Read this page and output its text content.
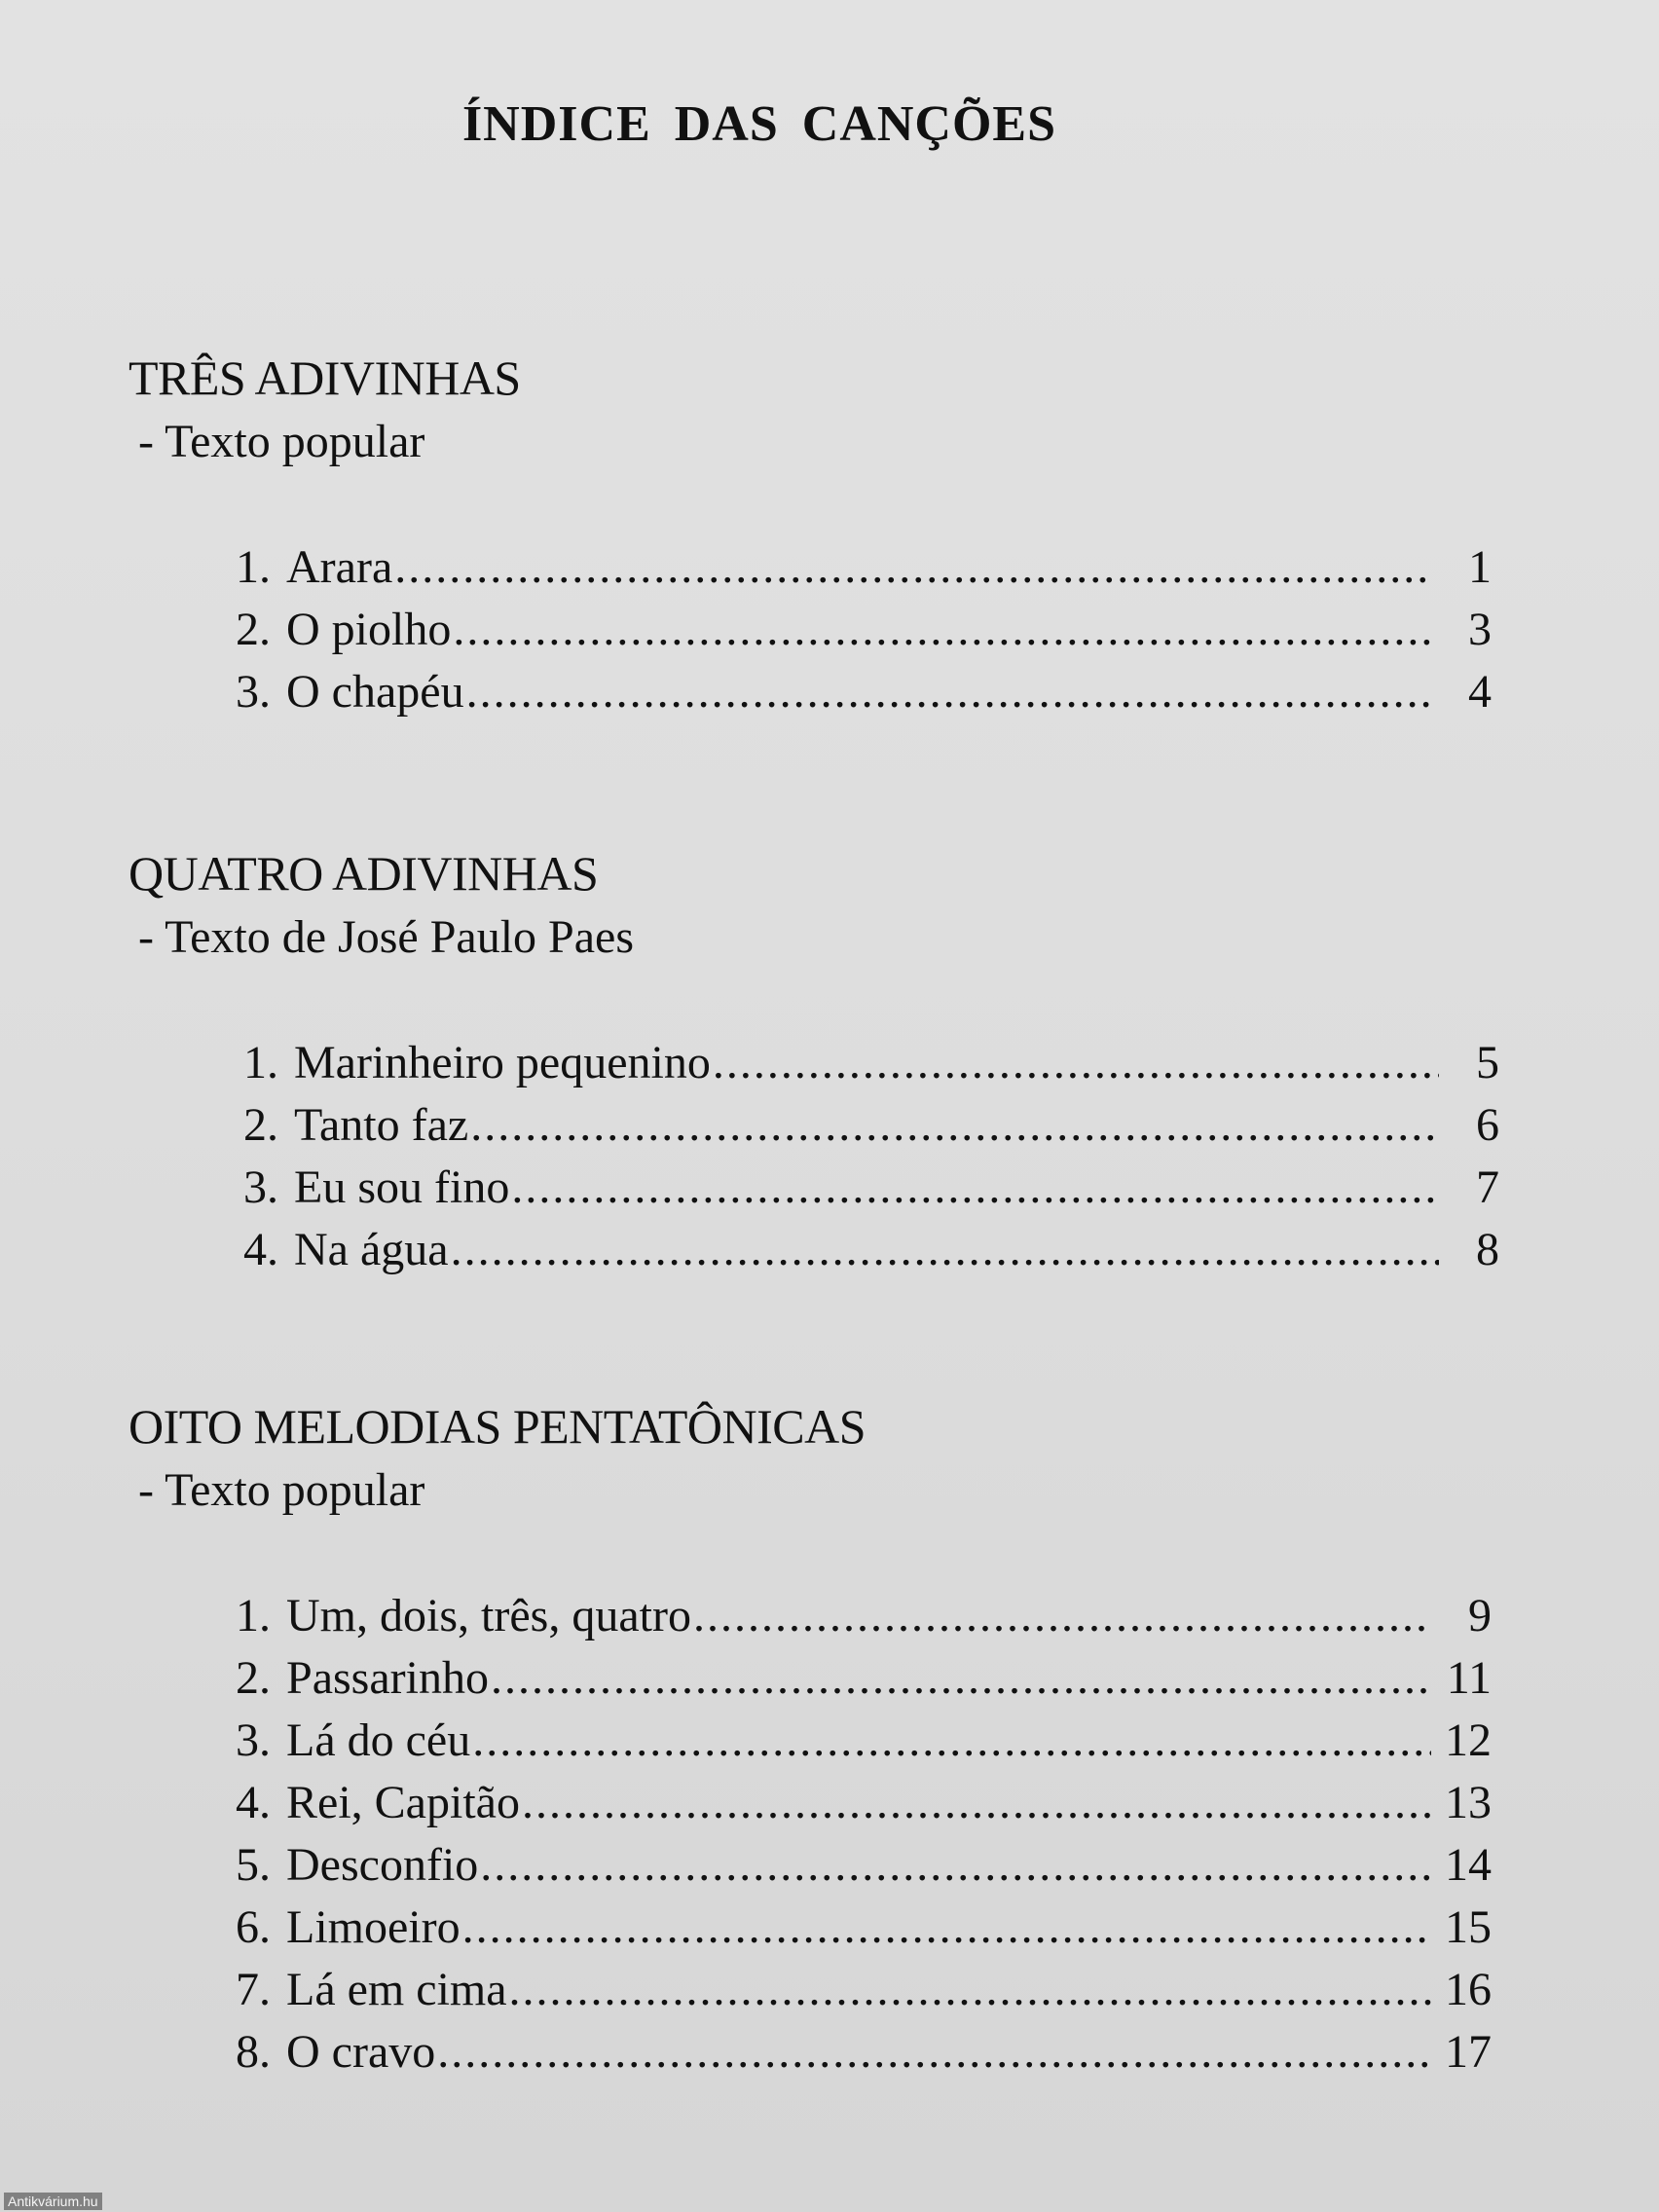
ÍNDICE DAS CANÇÕES
TRÊS ADIVINHAS
- Texto popular
1. Arara .....	1
2. O piolho .....	3
3. O chapéu .....	4
QUATRO ADIVINHAS
- Texto de José Paulo Paes
1. Marinheiro pequenino .....	5
2. Tanto faz .....	6
3. Eu sou fino .....	7
4. Na água .....	8
OITO MELODIAS PENTATÔNICAS
- Texto popular
1. Um, dois, três, quatro .....	9
2. Passarinho .....	11
3. Lá do céu .....	12
4. Rei, Capitão .....	13
5. Desconfio .....	14
6. Limoeiro .....	15
7. Lá em cima .....	16
8. O cravo .....	17
Antikvárium.hu
